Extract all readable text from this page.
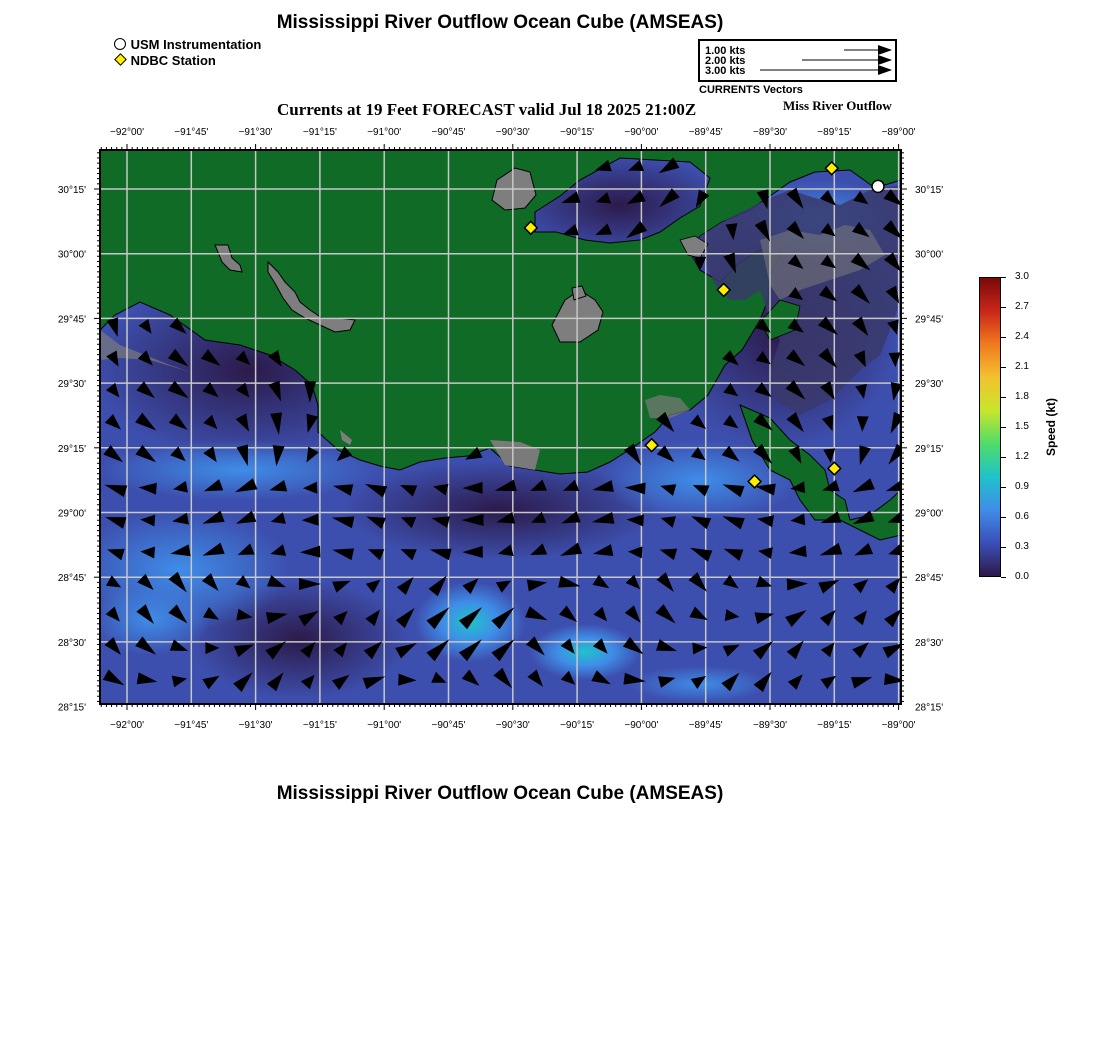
Mississippi River Outflow Ocean Cube (AMSEAS)
USM Instrumentation
NDBC Station
1.00 kts
2.00 kts
3.00 kts
CURRENTS Vectors
Currents at 19 Feet FORECAST valid Jul 18 2025 21:00Z	Miss River Outflow
−92°00'	−91°45'	−91°30'	−91°15'	−91°00'	−90°45'	−90°30'	−90°15'	−90°00'	−89°45'	−89°30'	−89°15'	−89°00'
−92°00'	−91°45'	−91°30'	−91°15'	−91°00'	−90°45'	−90°30'	−90°15'	−90°00'	−89°45'	−89°30'	−89°15'	−89°00'
30°15'
30°00'
29°45'
29°30'
29°15'
29°00'
28°45'
28°30'
28°15'
30°15'
30°00'
29°45'
29°30'
29°15'
29°00'
28°45'
28°30'
28°15'
3.0
2.7
2.4
2.1
1.8
1.5
1.2
0.9
0.6
0.3
0.0
Speed (kt)
Mississippi River Outflow Ocean Cube (AMSEAS)
